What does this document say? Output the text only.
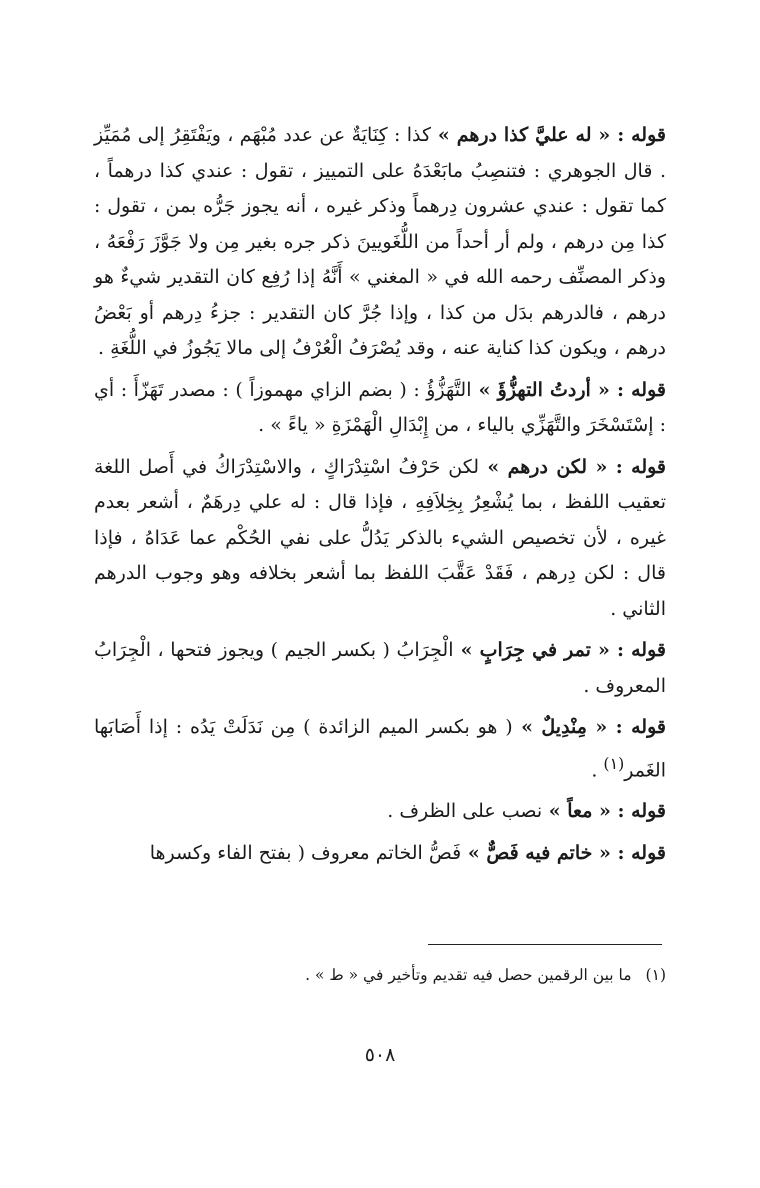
قوله : « له عليَّ كذا درهم » كذا : كِنَايَةٌ عن عدد مُبْهَم ، ويَفْتَقِرُ إلى مُمَيِّز . قال الجوهري : فتنصِبُ مابَعْدَهُ على التمييز ، تقول : عندي كذا درهماً ، كما تقول : عندي عشرون دِرهماً وذكر غيره ، أنه يجوز جَرُّه بمن ، تقول : كذا مِن درهم ، ولم أر أحداً من اللُّغَويينَ ذكر جره بغير مِن ولا جَوَّزَ رَفْعَهُ ، وذكر المصنِّف رحمه الله في « المغني » أَنَّهُ إذا رُفِع كان التقدير شيءٌ هو درهم ، فالدرهم بدَل من كذا ، وإذا جُرَّ كان التقدير : جزءُ دِرهم أو بَعْضُ درهم ، ويكون كذا كناية عنه ، وقد يُصْرَفُ الْعُرْفُ إلى مالا يَجُوزُ في اللُّغَةِ .

قوله : « أردتُ التهزُّؤَ » التَّهَزُّؤُ : ( بضم الزاي مهموزاً ) : مصدر تَهَزّأَ : أي : إسْتَسْخَرَ والتَّهَزِّي بالياء ، من إِبْدَالِ الْهَمْزَةِ « ياءً » .

قوله : « لكن درهم » لكن حَرْفُ اسْتِدْرَاكٍ ، والاسْتِدْرَاكُ في أَصل اللغة تعقيب اللفظ ، بما يُشْعِرُ بِخِلاَفِهِ ، فإذا قال : له علي دِرهَمٌ ، أشعر بعدم غيره ، لأن تخصيص الشيء بالذكر يَدُلُّ على نفي الحُكْم عما عَدَاهُ ، فإذا قال : لكن دِرهم ، فَقَدْ عَقَّبَ اللفظ بما أشعر بخلافه وهو وجوب الدرهم الثاني .

قوله : « تمر في جِرَابٍ » الْجِرَابُ ( بكسر الجيم ) ويجوز فتحها ، الْجِرَابُ المعروف .

قوله : « مِنْدِيلٌ » ( هو بكسر الميم الزائدة ) مِن نَدَلَتْ يَدُه : إذا أَصَابَها الغَمر$^{(١)}$ .

قوله : « معاً » نصب على الظرف .

قوله : « خاتم فيه فَصٌّ » فَصُّ الخاتم معروف ( بفتح الفاء وكسرها

(١)ما بين الرقمين حصل فيه تقديم وتأخير في « ط » .
٥٠٨
